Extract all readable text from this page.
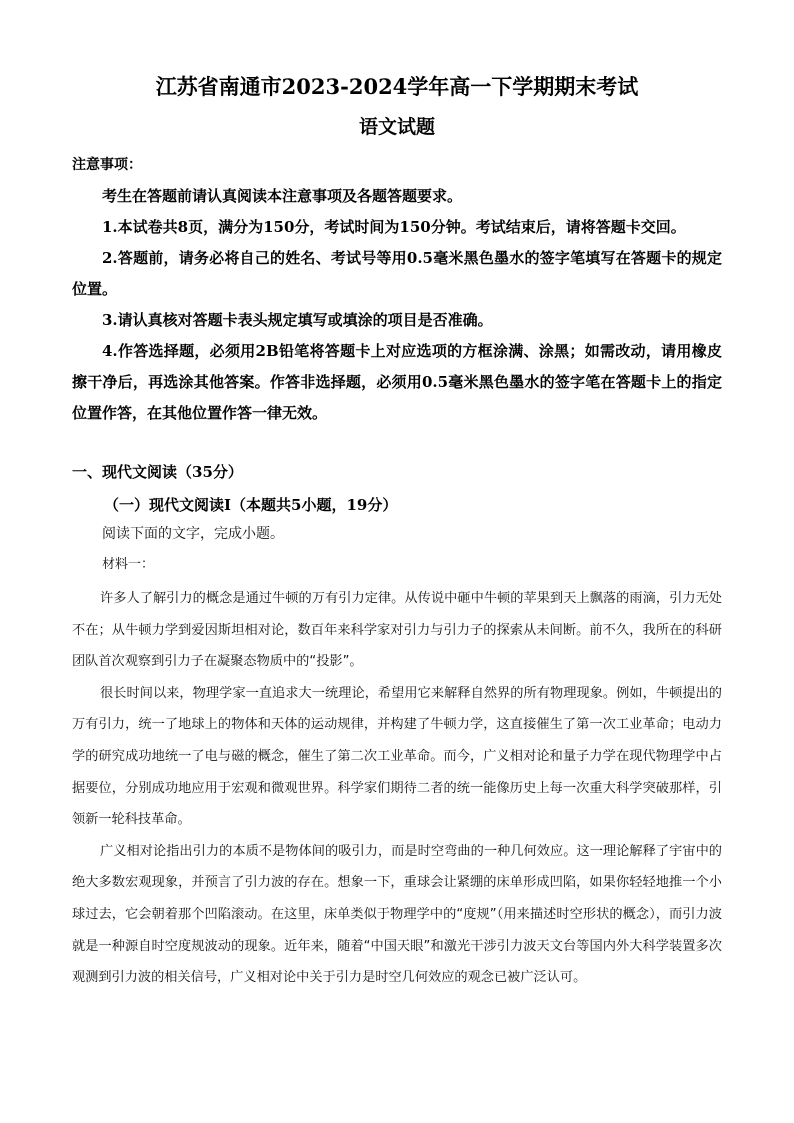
江苏省南通市2023-2024学年高一下学期期末考试
语文试题

注意事项：

考生在答题前请认真阅读本注意事项及各题答题要求。

1.本试卷共8页，满分为150分，考试时间为150分钟。考试结束后，请将答题卡交回。

2.答题前，请务必将自己的姓名、考试号等用0.5毫米黑色墨水的签字笔填写在答题卡的规定位置。

3.请认真核对答题卡表头规定填写或填涂的项目是否准确。

4.作答选择题，必须用2B铅笔将答题卡上对应选项的方框涂满、涂黑；如需改动，请用橡皮擦干净后，再选涂其他答案。作答非选择题，必须用0.5毫米黑色墨水的签字笔在答题卡上的指定位置作答，在其他位置作答一律无效。

一、现代文阅读（35分）
（一）现代文阅读Ⅰ（本题共5小题，19分）
阅读下面的文字，完成小题。
材料一：

许多人了解引力的概念是通过牛顿的万有引力定律。从传说中砸中牛顿的苹果到天上飘落的雨滴，引力无处不在；从牛顿力学到爱因斯坦相对论，数百年来科学家对引力与引力子的探索从未间断。前不久，我所在的科研团队首次观察到引力子在凝聚态物质中的“投影”。

很长时间以来，物理学家一直追求大一统理论，希望用它来解释自然界的所有物理现象。例如，牛顿提出的万有引力，统一了地球上的物体和天体的运动规律，并构建了牛顿力学，这直接催生了第一次工业革命；电动力学的研究成功地统一了电与磁的概念，催生了第二次工业革命。而今，广义相对论和量子力学在现代物理学中占据要位，分别成功地应用于宏观和微观世界。科学家们期待二者的统一能像历史上每一次重大科学突破那样，引领新一轮科技革命。

广义相对论指出引力的本质不是物体间的吸引力，而是时空弯曲的一种几何效应。这一理论解释了宇宙中的绝大多数宏观现象，并预言了引力波的存在。想象一下，重球会让紧绷的床单形成凹陷，如果你轻轻地推一个小球过去，它会朝着那个凹陷滚动。在这里，床单类似于物理学中的“度规”（用来描述时空形状的概念），而引力波就是一种源自时空度规波动的现象。近年来，随着“中国天眼”和激光干涉引力波天文台等国内外大科学装置多次观测到引力波的相关信号，广义相对论中关于引力是时空几何效应的观念已被广泛认可。
